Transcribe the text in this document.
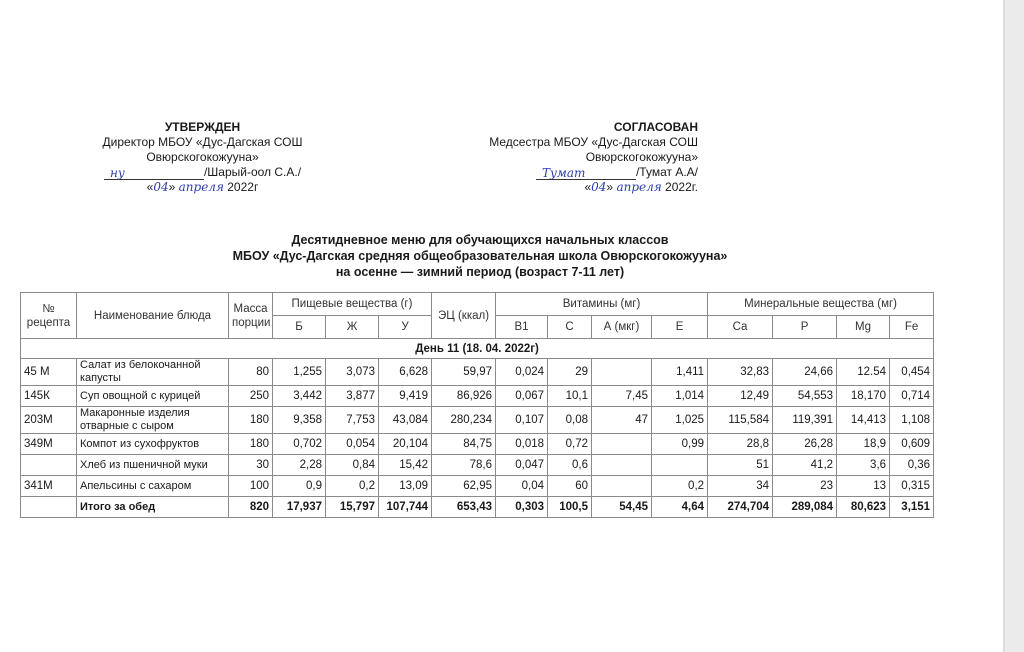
УТВЕРЖДЕН
Директор МБОУ «Дус-Дагская СОШ
Овюрскогокожууна»
ну	/Шарый-оол С.А./
«04» апреля 2022г
СОГЛАСОВАН
Медсестра МБОУ «Дус-Дагская СОШ
Овюрскогокожууна»
Тумат	/Тумат А.А/
«04» апреля 2022г.
Десятидневное меню для обучающихся начальных классов
МБОУ «Дус-Дагская средняя общеобразовательная школа Овюрскогокожууна»
на осенне — зимний период (возраст 7-11 лет)
№ рецепта	Наименование блюда	Масса порции	Пищевые вещества (г)			ЭЦ (ккал)	Витамины (мг)				Минеральные вещества (мг)			
			Б	Ж	У		В1	С	А (мкг)	Е	Са	Р	Mg	Fe
День 11 (18. 04. 2022г)														
45 М	Салат из белокочанной капусты	80	1,255	3,073	6,628	59,97	0,024	29		1,411	32,83	24,66	12.54	0,454
145К	Суп овощной с курицей	250	3,442	3,877	9,419	86,926	0,067	10,1	7,45	1,014	12,49	54,553	18,170	0,714
203М	Макаронные изделия отварные с сыром	180	9,358	7,753	43,084	280,234	0,107	0,08	47	1,025	115,584	119,391	14,413	1,108
349М	Компот из сухофруктов	180	0,702	0,054	20,104	84,75	0,018	0,72		0,99	28,8	26,28	18,9	0,609
	Хлеб из пшеничной муки	30	2,28	0,84	15,42	78,6	0,047	0,6			51	41,2	3,6	0,36
341М	Апельсины с сахаром	100	0,9	0,2	13,09	62,95	0,04	60		0,2	34	23	13	0,315
	Итого за обед	820	17,937	15,797	107,744	653,43	0,303	100,5	54,45	4,64	274,704	289,084	80,623	3,151
